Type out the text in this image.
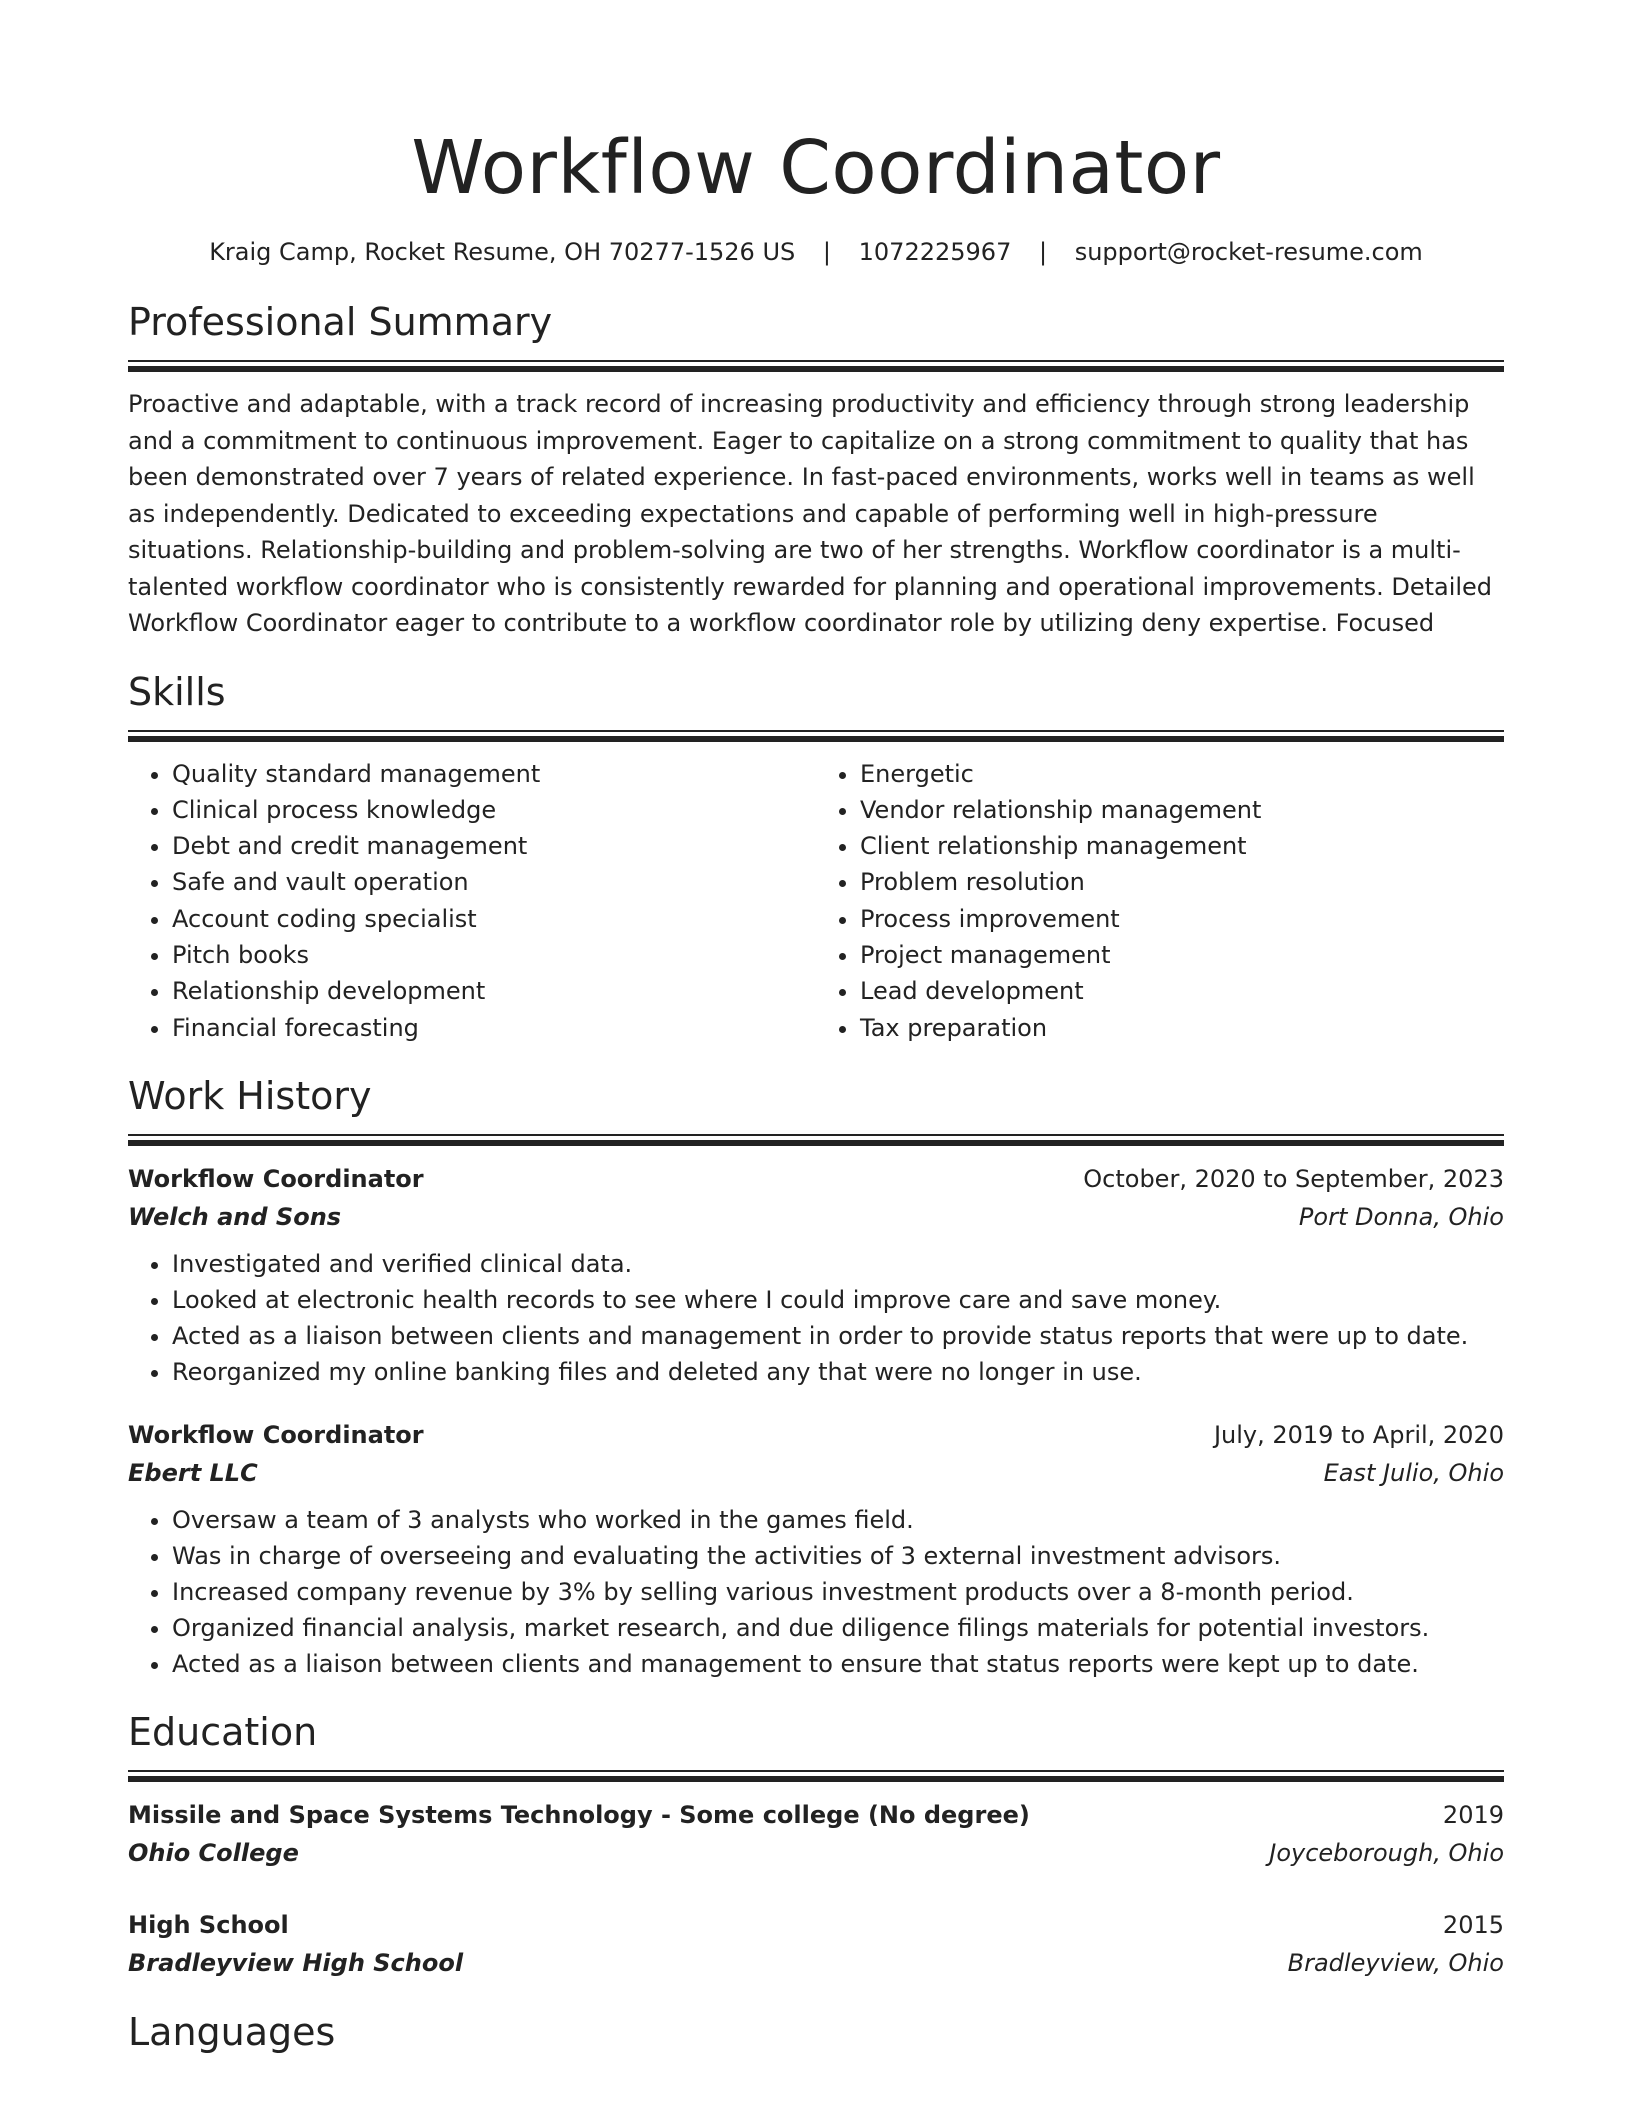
Workflow Coordinator
Kraig Camp, Rocket Resume, OH 70277-1526 US | 1072225967 | support@rocket-resume.com
Professional Summary
Proactive and adaptable, with a track record of increasing productivity and efficiency through strong leadership and a commitment to continuous improvement. Eager to capitalize on a strong commitment to quality that has been demonstrated over 7 years of related experience. In fast-paced environments, works well in teams as well as independently. Dedicated to exceeding expectations and capable of performing well in high-pressure situations. Relationship-building and problem-solving are two of her strengths. Workflow coordinator is a multi-talented workflow coordinator who is consistently rewarded for planning and operational improvements. Detailed Workflow Coordinator eager to contribute to a workflow coordinator role by utilizing deny expertise. Focused
Skills
• Quality standard management
• Clinical process knowledge
• Debt and credit management
• Safe and vault operation
• Account coding specialist
• Pitch books
• Relationship development
• Financial forecasting
• Energetic
• Vendor relationship management
• Client relationship management
• Problem resolution
• Process improvement
• Project management
• Lead development
• Tax preparation
Work History
Workflow Coordinator	October, 2020 to September, 2023
Welch and Sons	Port Donna, Ohio
• Investigated and verified clinical data.
• Looked at electronic health records to see where I could improve care and save money.
• Acted as a liaison between clients and management in order to provide status reports that were up to date.
• Reorganized my online banking files and deleted any that were no longer in use.
Workflow Coordinator	July, 2019 to April, 2020
Ebert LLC	East Julio, Ohio
• Oversaw a team of 3 analysts who worked in the games field.
• Was in charge of overseeing and evaluating the activities of 3 external investment advisors.
• Increased company revenue by 3% by selling various investment products over a 8-month period.
• Organized financial analysis, market research, and due diligence filings materials for potential investors.
• Acted as a liaison between clients and management to ensure that status reports were kept up to date.
Education
Missile and Space Systems Technology - Some college (No degree)	2019
Ohio College	Joyceborough, Ohio
High School	2015
Bradleyview High School	Bradleyview, Ohio
Languages
